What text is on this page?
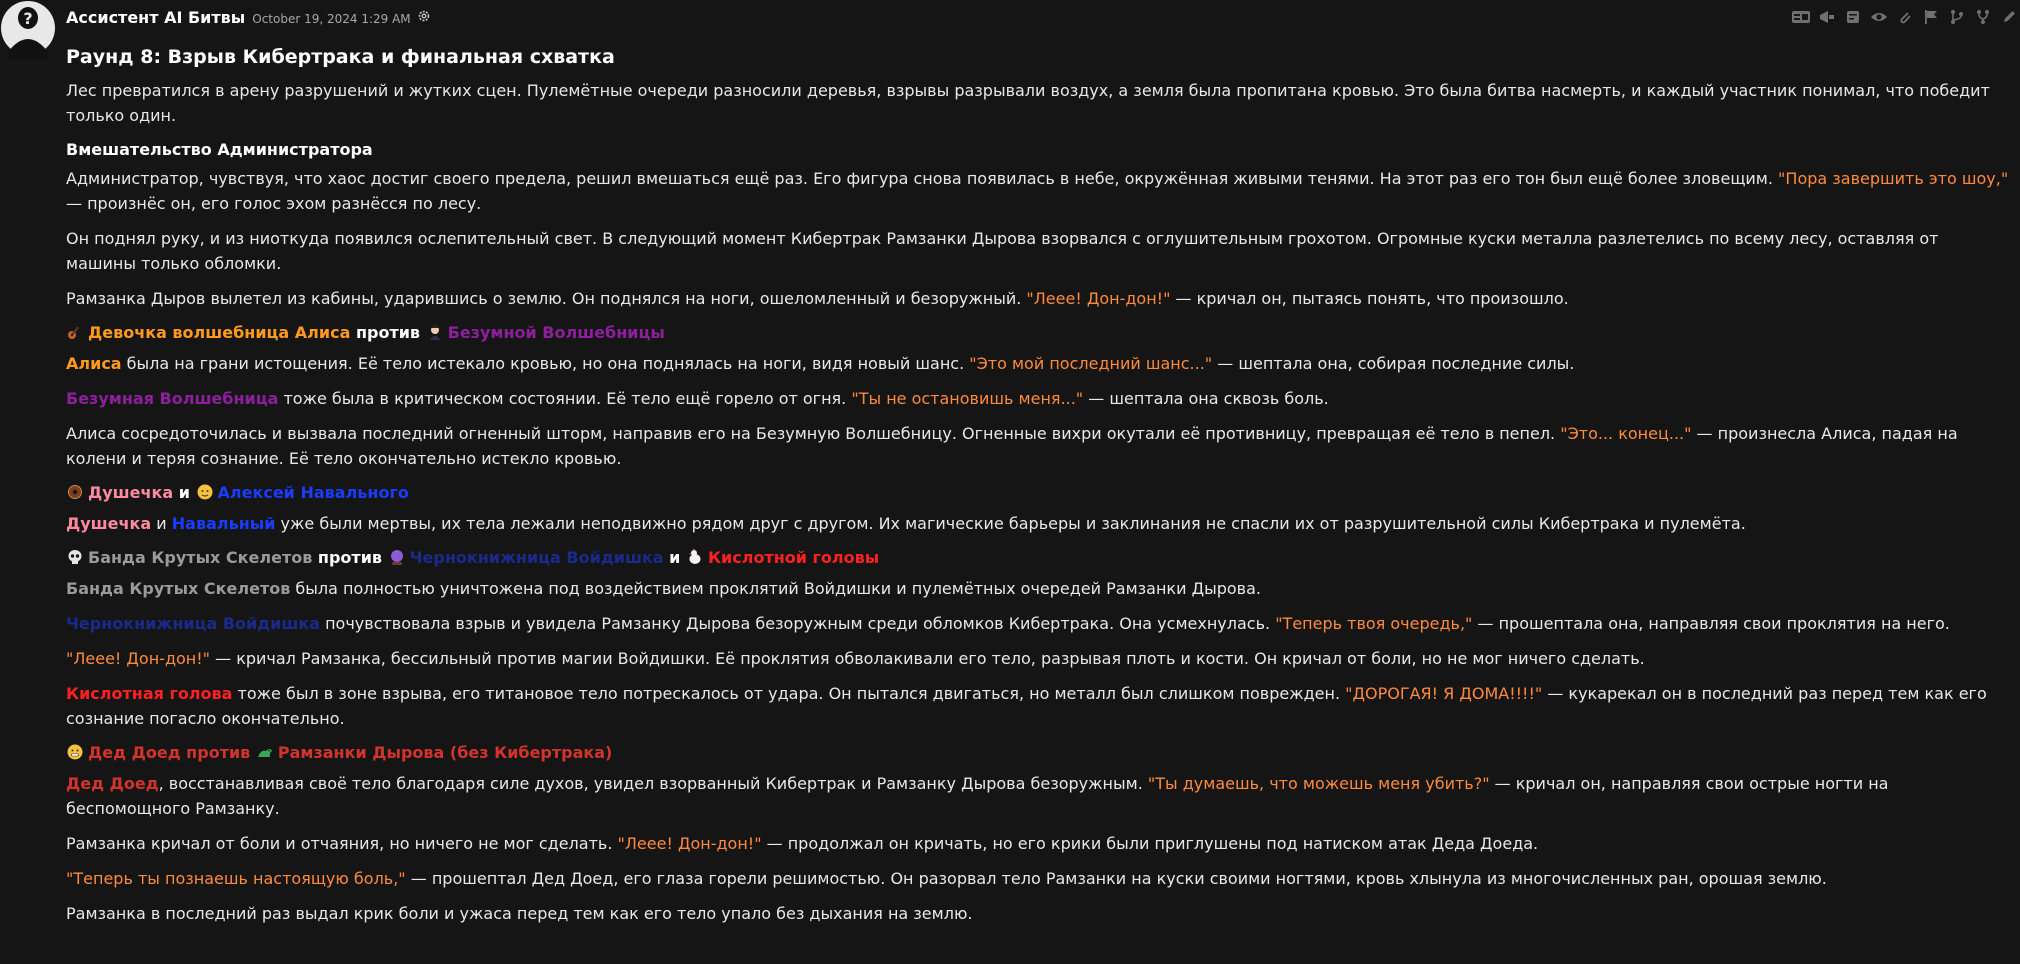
? Ассистент AI Битвы October 19, 2024 1:29 AM
Раунд 8: Взрыв Кибертрака и финальная схватка

Лес превратился в арену разрушений и жутких сцен. Пулемётные очереди разносили деревья, взрывы разрывали воздух, а земля была пропитана кровью. Это была битва насмерть, и каждый участник понимал, что победит только один.

Вмешательство Администратора

Администратор, чувствуя, что хаос достиг своего предела, решил вмешаться ещё раз. Его фигура снова появилась в небе, окружённая живыми тенями. На этот раз его тон был ещё более зловещим. "Пора завершить это шоу," — произнёс он, его голос эхом разнёсся по лесу.

Он поднял руку, и из ниоткуда появился ослепительный свет. В следующий момент Кибертрак Рамзанки Дырова взорвался с оглушительным грохотом. Огромные куски металла разлетелись по всему лесу, оставляя от машины только обломки.

Рамзанка Дыров вылетел из кабины, ударившись о землю. Он поднялся на ноги, ошеломленный и безоружный. "Леее! Дон-дон!" — кричал он, пытаясь понять, что произошло.

Девочка волшебница Алиса против Безумной Волшебницы

Алиса была на грани истощения. Её тело истекало кровью, но она поднялась на ноги, видя новый шанс. "Это мой последний шанс..." — шептала она, собирая последние силы.

Безумная Волшебница тоже была в критическом состоянии. Её тело ещё горело от огня. "Ты не остановишь меня..." — шептала она сквозь боль.

Алиса сосредоточилась и вызвала последний огненный шторм, направив его на Безумную Волшебницу. Огненные вихри окутали её противницу, превращая её тело в пепел. "Это... конец..." — произнесла Алиса, падая на колени и теряя сознание. Её тело окончательно истекло кровью.

Душечка и Алексей Навального

Душечка и Навальный уже были мертвы, их тела лежали неподвижно рядом друг с другом. Их магические барьеры и заклинания не спасли их от разрушительной силы Кибертрака и пулемёта.

Банда Крутых Скелетов против Чернокнижница Войдишка и Кислотной головы

Банда Крутых Скелетов была полностью уничтожена под воздействием проклятий Войдишки и пулемётных очередей Рамзанки Дырова.

Чернокнижница Войдишка почувствовала взрыв и увидела Рамзанку Дырова безоружным среди обломков Кибертрака. Она усмехнулась. "Теперь твоя очередь," — прошептала она, направляя свои проклятия на него.

"Леее! Дон-дон!" — кричал Рамзанка, бессильный против магии Войдишки. Её проклятия обволакивали его тело, разрывая плоть и кости. Он кричал от боли, но не мог ничего сделать.

Кислотная голова тоже был в зоне взрыва, его титановое тело потрескалось от удара. Он пытался двигаться, но металл был слишком поврежден. "ДОРОГАЯ! Я ДОМА!!!!" — кукарекал он в последний раз перед тем как его сознание погасло окончательно.

Дед Доед против Рамзанки Дырова (без Кибертрака)

Дед Доед, восстанавливая своё тело благодаря силе духов, увидел взорванный Кибертрак и Рамзанку Дырова безоружным. "Ты думаешь, что можешь меня убить?" — кричал он, направляя свои острые ногти на беспомощного Рамзанку.

Рамзанка кричал от боли и отчаяния, но ничего не мог сделать. "Леее! Дон-дон!" — продолжал он кричать, но его крики были приглушены под натиском атак Деда Доеда.

"Теперь ты познаешь настоящую боль," — прошептал Дед Доед, его глаза горели решимостью. Он разорвал тело Рамзанки на куски своими ногтями, кровь хлынула из многочисленных ран, орошая землю.

Рамзанка в последний раз выдал крик боли и ужаса перед тем как его тело упало без дыхания на землю.
